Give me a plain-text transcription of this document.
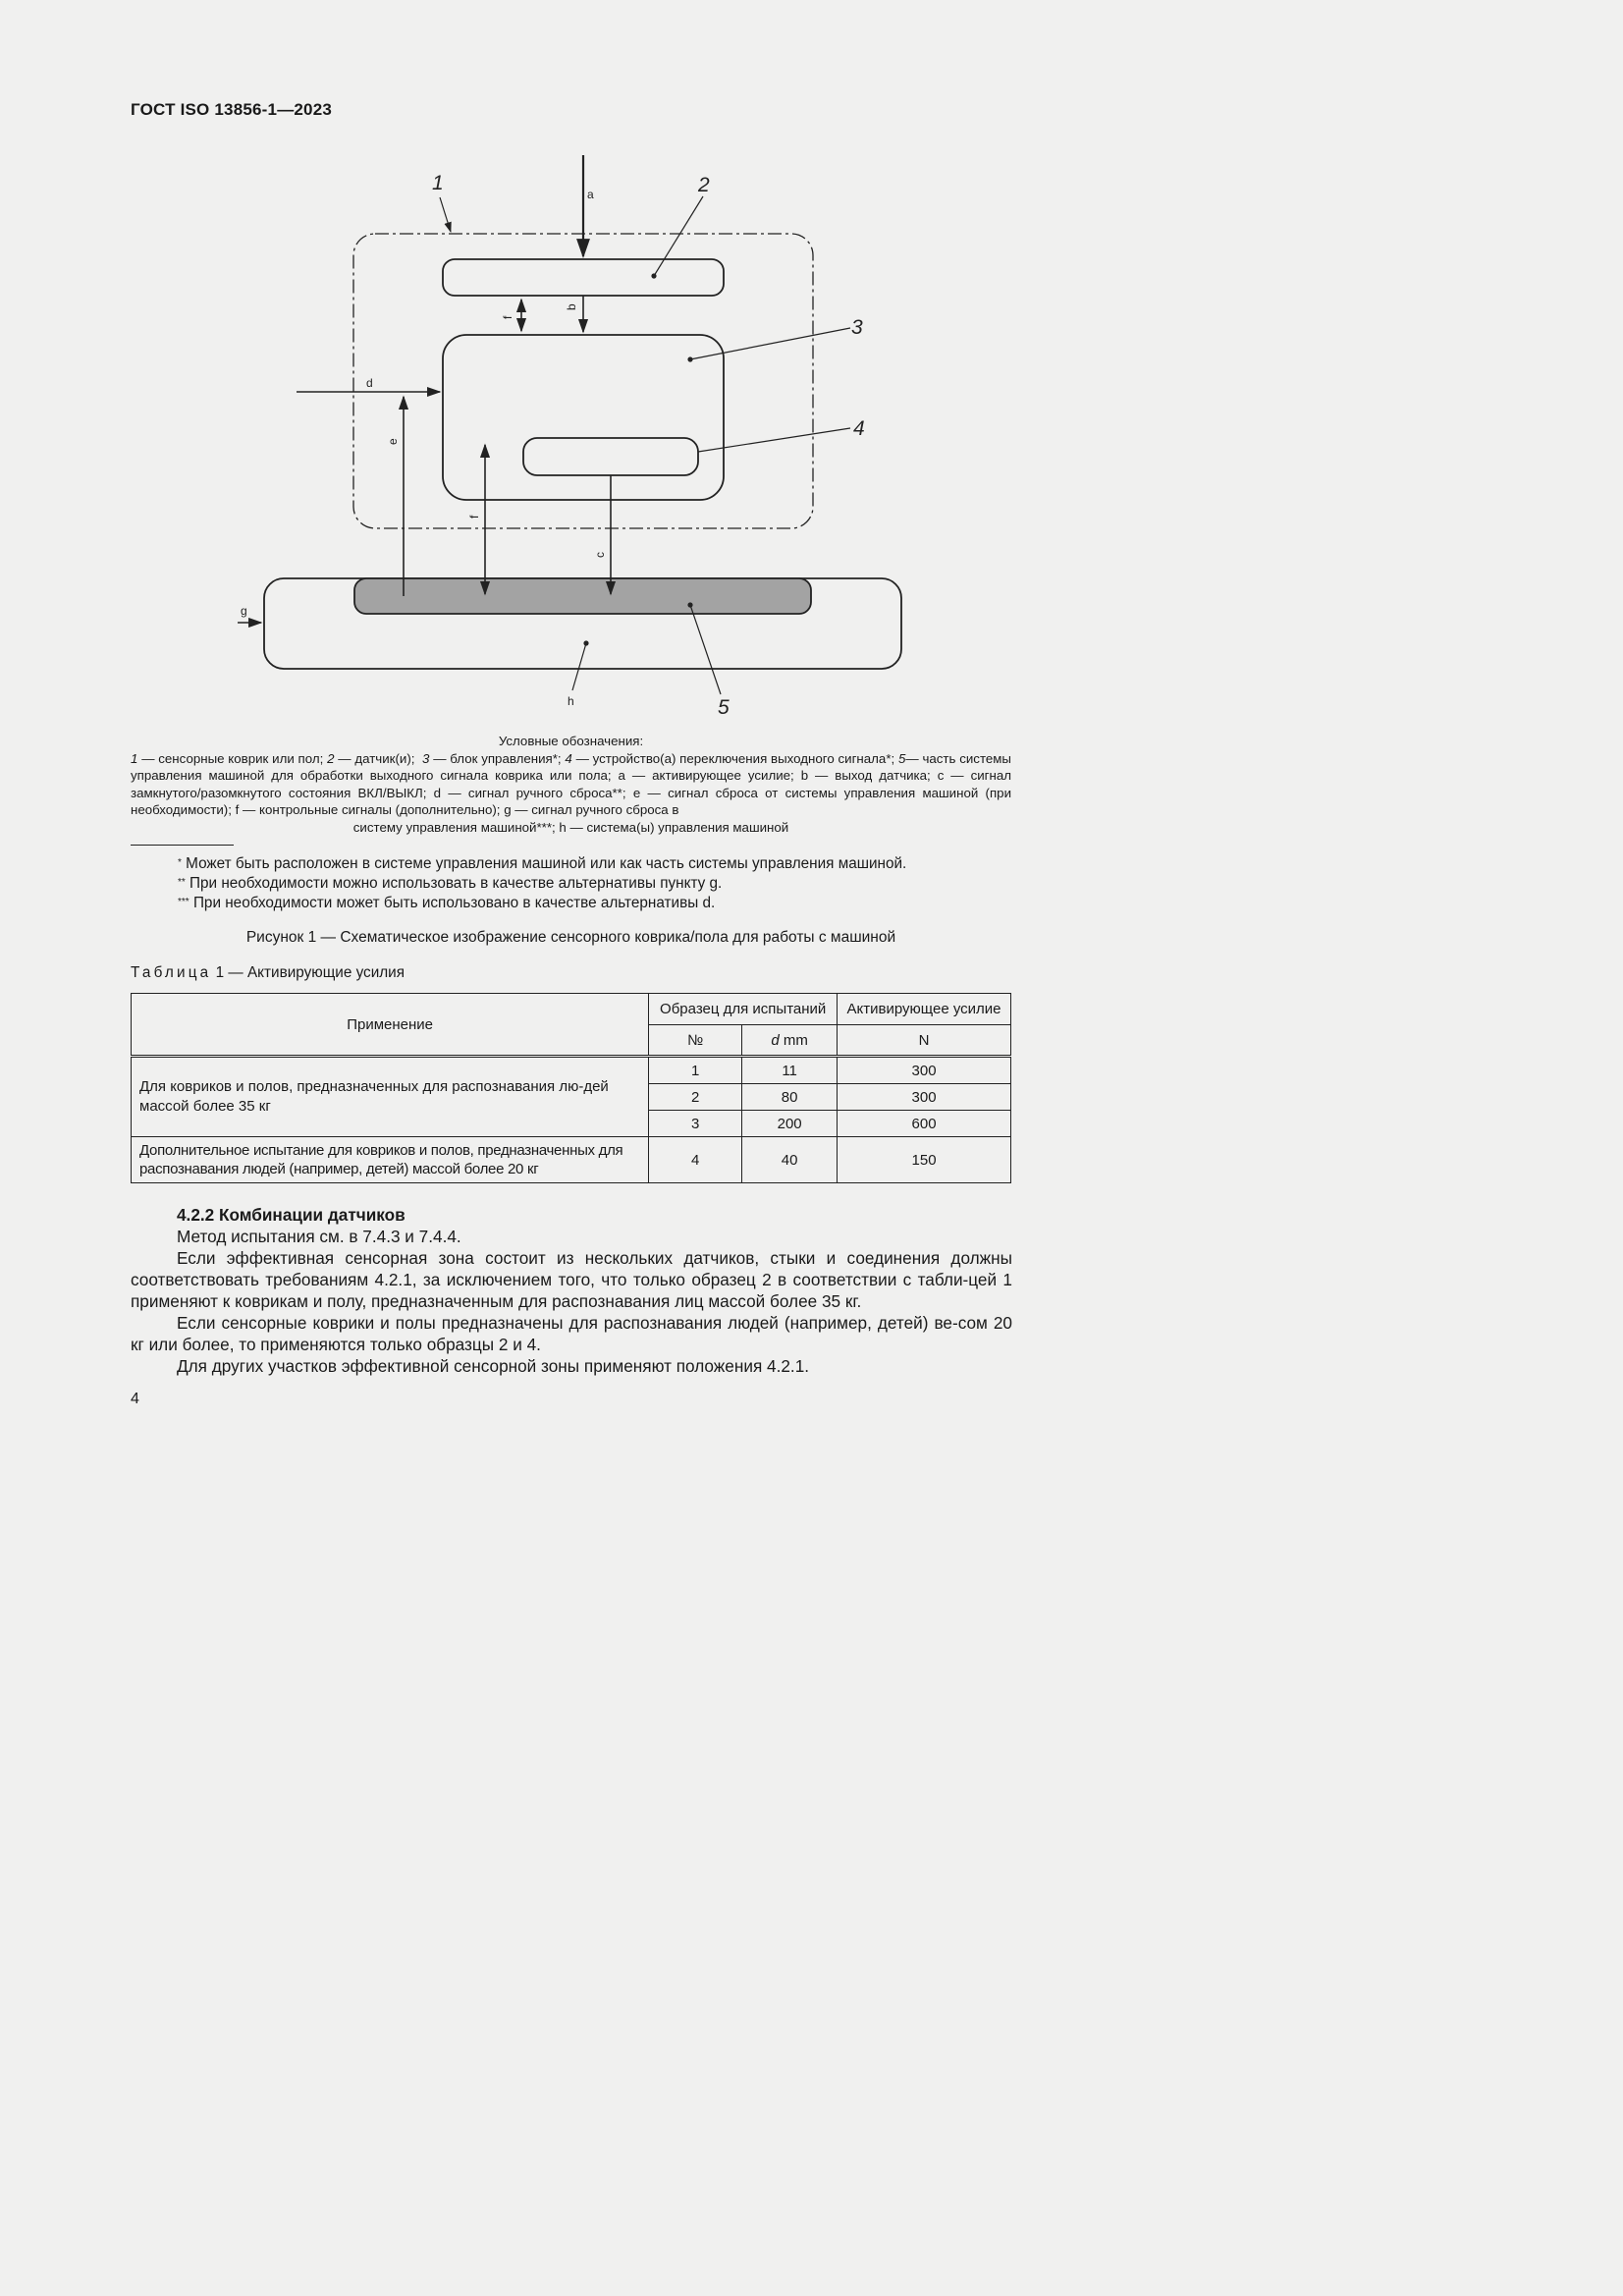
ГОСТ ISO 13856-1—2023
1	2
3
4
5
a
d
g
h
b
f
e
f
c

Условные обозначения:

1 — сенсорные коврик или пол; 2 — датчик(и); 3 — блок управления*; 4 — устройство(а) переключения выходного сигнала*; 5— часть системы управления машиной для обработки выходного сигнала коврика или пола; a — активирующее усилие; b — выход датчика; c — сигнал замкнутого/разомкнутого состояния ВКЛ/ВЫКЛ; d — сигнал ручного сброса**; e — сигнал сброса от системы управления машиной (при необходимости); f — контрольные сигналы (дополнительно); g — сигнал ручного сброса в

систему управления машиной***; h — система(ы) управления машиной

* Может быть расположен в системе управления машиной или как часть системы управления машиной.
** При необходимости можно использовать в качестве альтернативы пункту g.
*** При необходимости может быть использовано в качестве альтернативы d.
Рисунок 1 — Схематическое изображение сенсорного коврика/пола для работы с машиной
Таблица 1 — Активирующие усилия
Применение	Образец для испытаний		Активирующее усилие
	№	d mm	N
Для ковриков и полов, предназначенных для распознавания лю-дей массой более 35 кг	1	11	300
	2	80	300
	3	200	600
Дополнительное испытание для ковриков и полов, предназначенных для распознавания людей (например, детей) массой более 20 кг	4	40	150

4.2.2 Комбинации датчиков

Метод испытания см. в 7.4.3 и 7.4.4.

Если эффективная сенсорная зона состоит из нескольких датчиков, стыки и соединения должны соответствовать требованиям 4.2.1, за исключением того, что только образец 2 в соответствии с табли-цей 1 применяют к коврикам и полу, предназначенным для распознавания лиц массой более 35 кг.

Если сенсорные коврики и полы предназначены для распознавания людей (например, детей) ве-сом 20 кг или более, то применяются только образцы 2 и 4.

Для других участков эффективной сенсорной зоны применяют положения 4.2.1.

4
